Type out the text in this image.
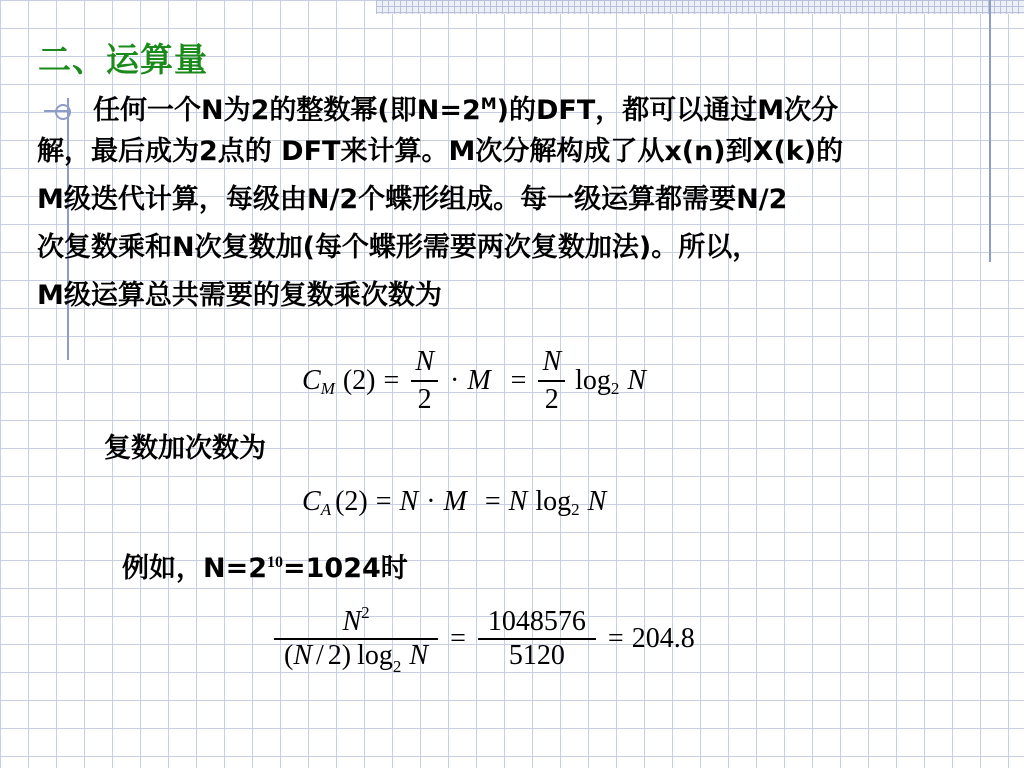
二、运算量
任何一个N为2的整数幂(即$N=2^M$)的DFT，都可以通过M次分
解，最后成为2点的 DFT来计算。M次分解构成了从x(n)到X(k)的
M级迭代计算，每级由N/2个蝶形组成。每一级运算都需要N/2
次复数乘和N次复数加(每个蝶形需要两次复数加法)。所以，
M级运算总共需要的复数乘次数为
C M $(2) = \frac{N}{2} \cdot M = \frac{N}{2}$ log 2 N
复数加次数为
C A (2) = N · M = N log 2 N
例如，$N=2^{10}=1024$时
$\frac{N^2}{(N / 2) \log_2 N} = \frac{1048576}{5120} = 204.8$
